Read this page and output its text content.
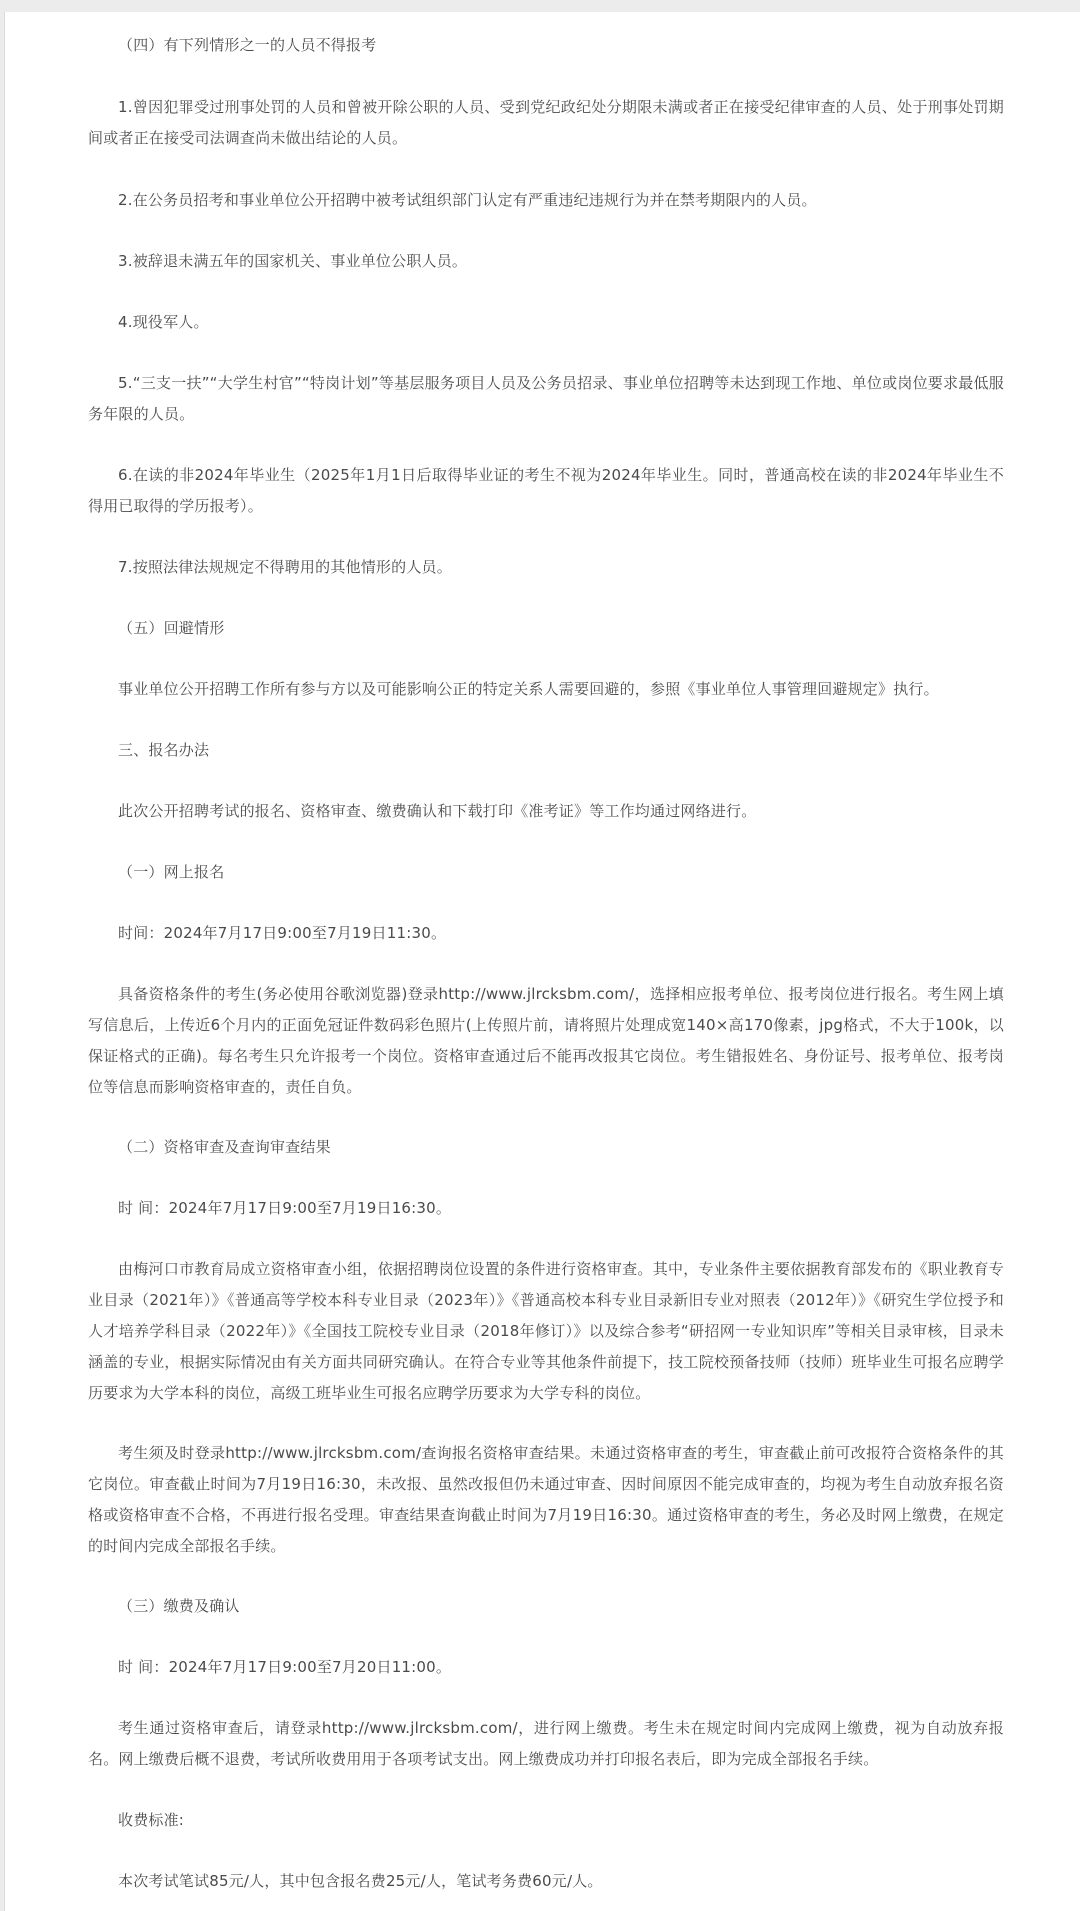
（四）有下列情形之一的人员不得报考

1.曾因犯罪受过刑事处罚的人员和曾被开除公职的人员、受到党纪政纪处分期限未满或者正在接受纪律审查的人员、处于刑事处罚期间或者正在接受司法调查尚未做出结论的人员。

2.在公务员招考和事业单位公开招聘中被考试组织部门认定有严重违纪违规行为并在禁考期限内的人员。

3.被辞退未满五年的国家机关、事业单位公职人员。

4.现役军人。

5.“三支一扶”“大学生村官”“特岗计划”等基层服务项目人员及公务员招录、事业单位招聘等未达到现工作地、单位或岗位要求最低服务年限的人员。

6.在读的非2024年毕业生（2025年1月1日后取得毕业证的考生不视为2024年毕业生。同时，普通高校在读的非2024年毕业生不得用已取得的学历报考）。

7.按照法律法规规定不得聘用的其他情形的人员。

（五）回避情形

事业单位公开招聘工作所有参与方以及可能影响公正的特定关系人需要回避的，参照《事业单位人事管理回避规定》执行。

三、报名办法

此次公开招聘考试的报名、资格审查、缴费确认和下载打印《准考证》等工作均通过网络进行。

（一）网上报名

时间：2024年7月17日9:00至7月19日11:30。

具备资格条件的考生(务必使用谷歌浏览器)登录http://www.jlrcksbm.com/，选择相应报考单位、报考岗位进行报名。考生网上填写信息后，上传近6个月内的正面免冠证件数码彩色照片(上传照片前，请将照片处理成宽140×高170像素，jpg格式，不大于100k，以保证格式的正确)。每名考生只允许报考一个岗位。资格审查通过后不能再改报其它岗位。考生错报姓名、身份证号、报考单位、报考岗位等信息而影响资格审查的，责任自负。

（二）资格审查及查询审查结果

时 间：2024年7月17日9:00至7月19日16:30。

由梅河口市教育局成立资格审查小组，依据招聘岗位设置的条件进行资格审查。其中，专业条件主要依据教育部发布的《职业教育专业目录（2021年）》《普通高等学校本科专业目录（2023年）》《普通高校本科专业目录新旧专业对照表（2012年）》《研究生学位授予和人才培养学科目录（2022年）》《全国技工院校专业目录（2018年修订）》以及综合参考“研招网一专业知识库”等相关目录审核，目录未涵盖的专业，根据实际情况由有关方面共同研究确认。在符合专业等其他条件前提下，技工院校预备技师（技师）班毕业生可报名应聘学历要求为大学本科的岗位，高级工班毕业生可报名应聘学历要求为大学专科的岗位。

考生须及时登录http://www.jlrcksbm.com/查询报名资格审查结果。未通过资格审查的考生，审查截止前可改报符合资格条件的其它岗位。审查截止时间为7月19日16:30，未改报、虽然改报但仍未通过审查、因时间原因不能完成审查的，均视为考生自动放弃报名资格或资格审查不合格，不再进行报名受理。审查结果查询截止时间为7月19日16:30。通过资格审查的考生，务必及时网上缴费，在规定的时间内完成全部报名手续。

（三）缴费及确认

时 间：2024年7月17日9:00至7月20日11:00。

考生通过资格审查后，请登录http://www.jlrcksbm.com/，进行网上缴费。考生未在规定时间内完成网上缴费，视为自动放弃报名。网上缴费后概不退费，考试所收费用用于各项考试支出。网上缴费成功并打印报名表后，即为完成全部报名手续。

收费标准:

本次考试笔试85元/人，其中包含报名费25元/人，笔试考务费60元/人。
